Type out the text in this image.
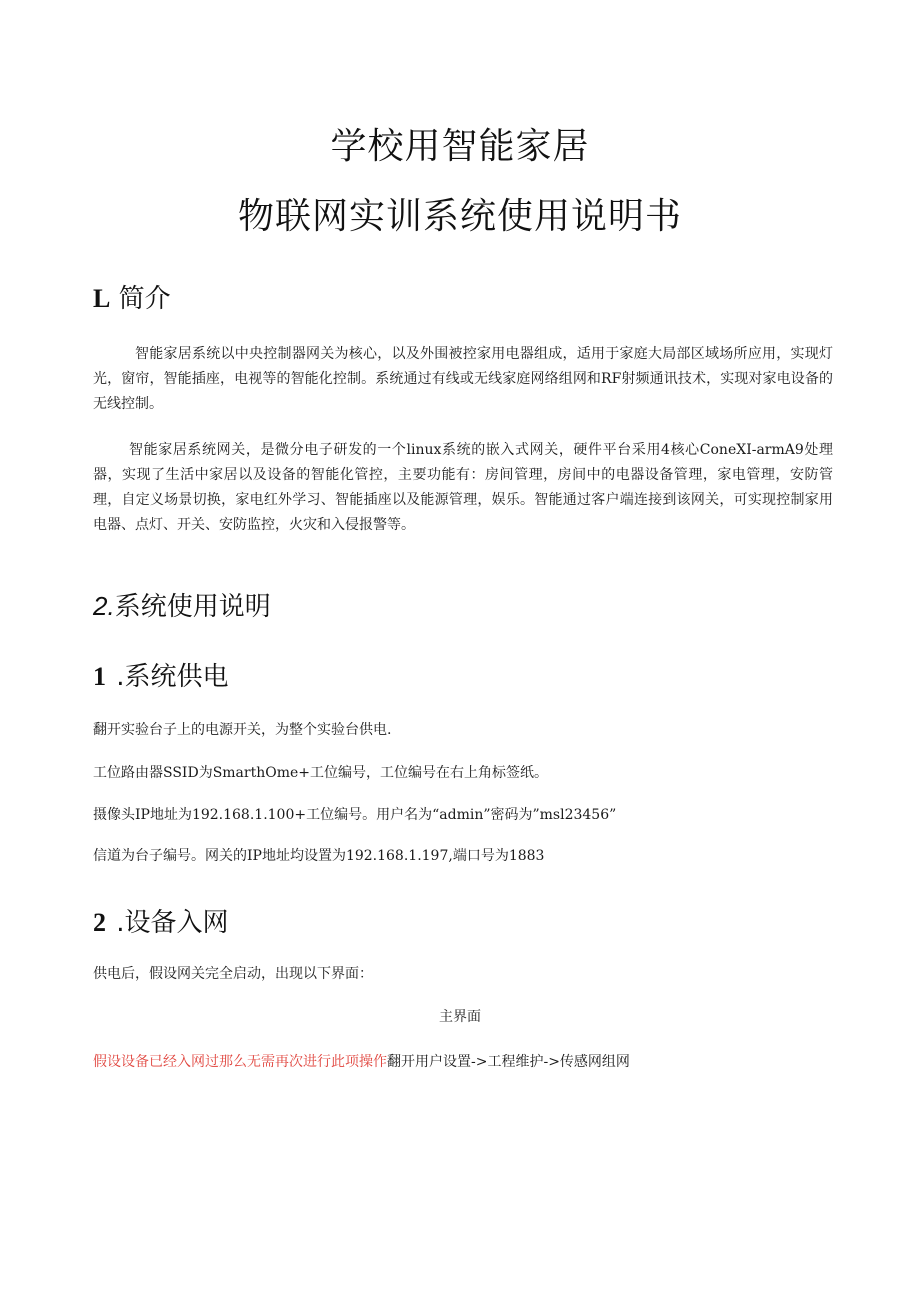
学校用智能家居
物联网实训系统使用说明书
L 简介

智能家居系统以中央控制器网关为核心，以及外围被控家用电器组成，适用于家庭大局部区域场所应用，实现灯光，窗帘，智能插座，电视等的智能化控制。系统通过有线或无线家庭网络组网和RF射频通讯技术，实现对家电设备的无线控制。

智能家居系统网关，是微分电子研发的一个linux系统的嵌入式网关，硬件平台采用4核心ConeXI-armA9处理器，实现了生活中家居以及设备的智能化管控，主要功能有：房间管理，房间中的电器设备管理，家电管理，安防管理，自定义场景切换，家电红外学习、智能插座以及能源管理，娱乐。智能通过客户端连接到该网关，可实现控制家用电器、点灯、开关、安防监控，火灾和入侵报警等。

2.系统使用说明
1 .系统供电

翻开实验台子上的电源开关，为整个实验台供电.

工位路由器SSID为SmarthOme+工位编号，工位编号在右上角标签纸。

摄像头IP地址为192.168.1.100+工位编号。用户名为“admin”密码为”msl23456”

信道为台子编号。网关的IP地址均设置为192.168.1.197,端口号为1883

2 .设备入网

供电后，假设网关完全启动，出现以下界面：

主界面

假设设备已经入网过那么无需再次进行此项操作翻开用户设置->工程维护->传感网组网
